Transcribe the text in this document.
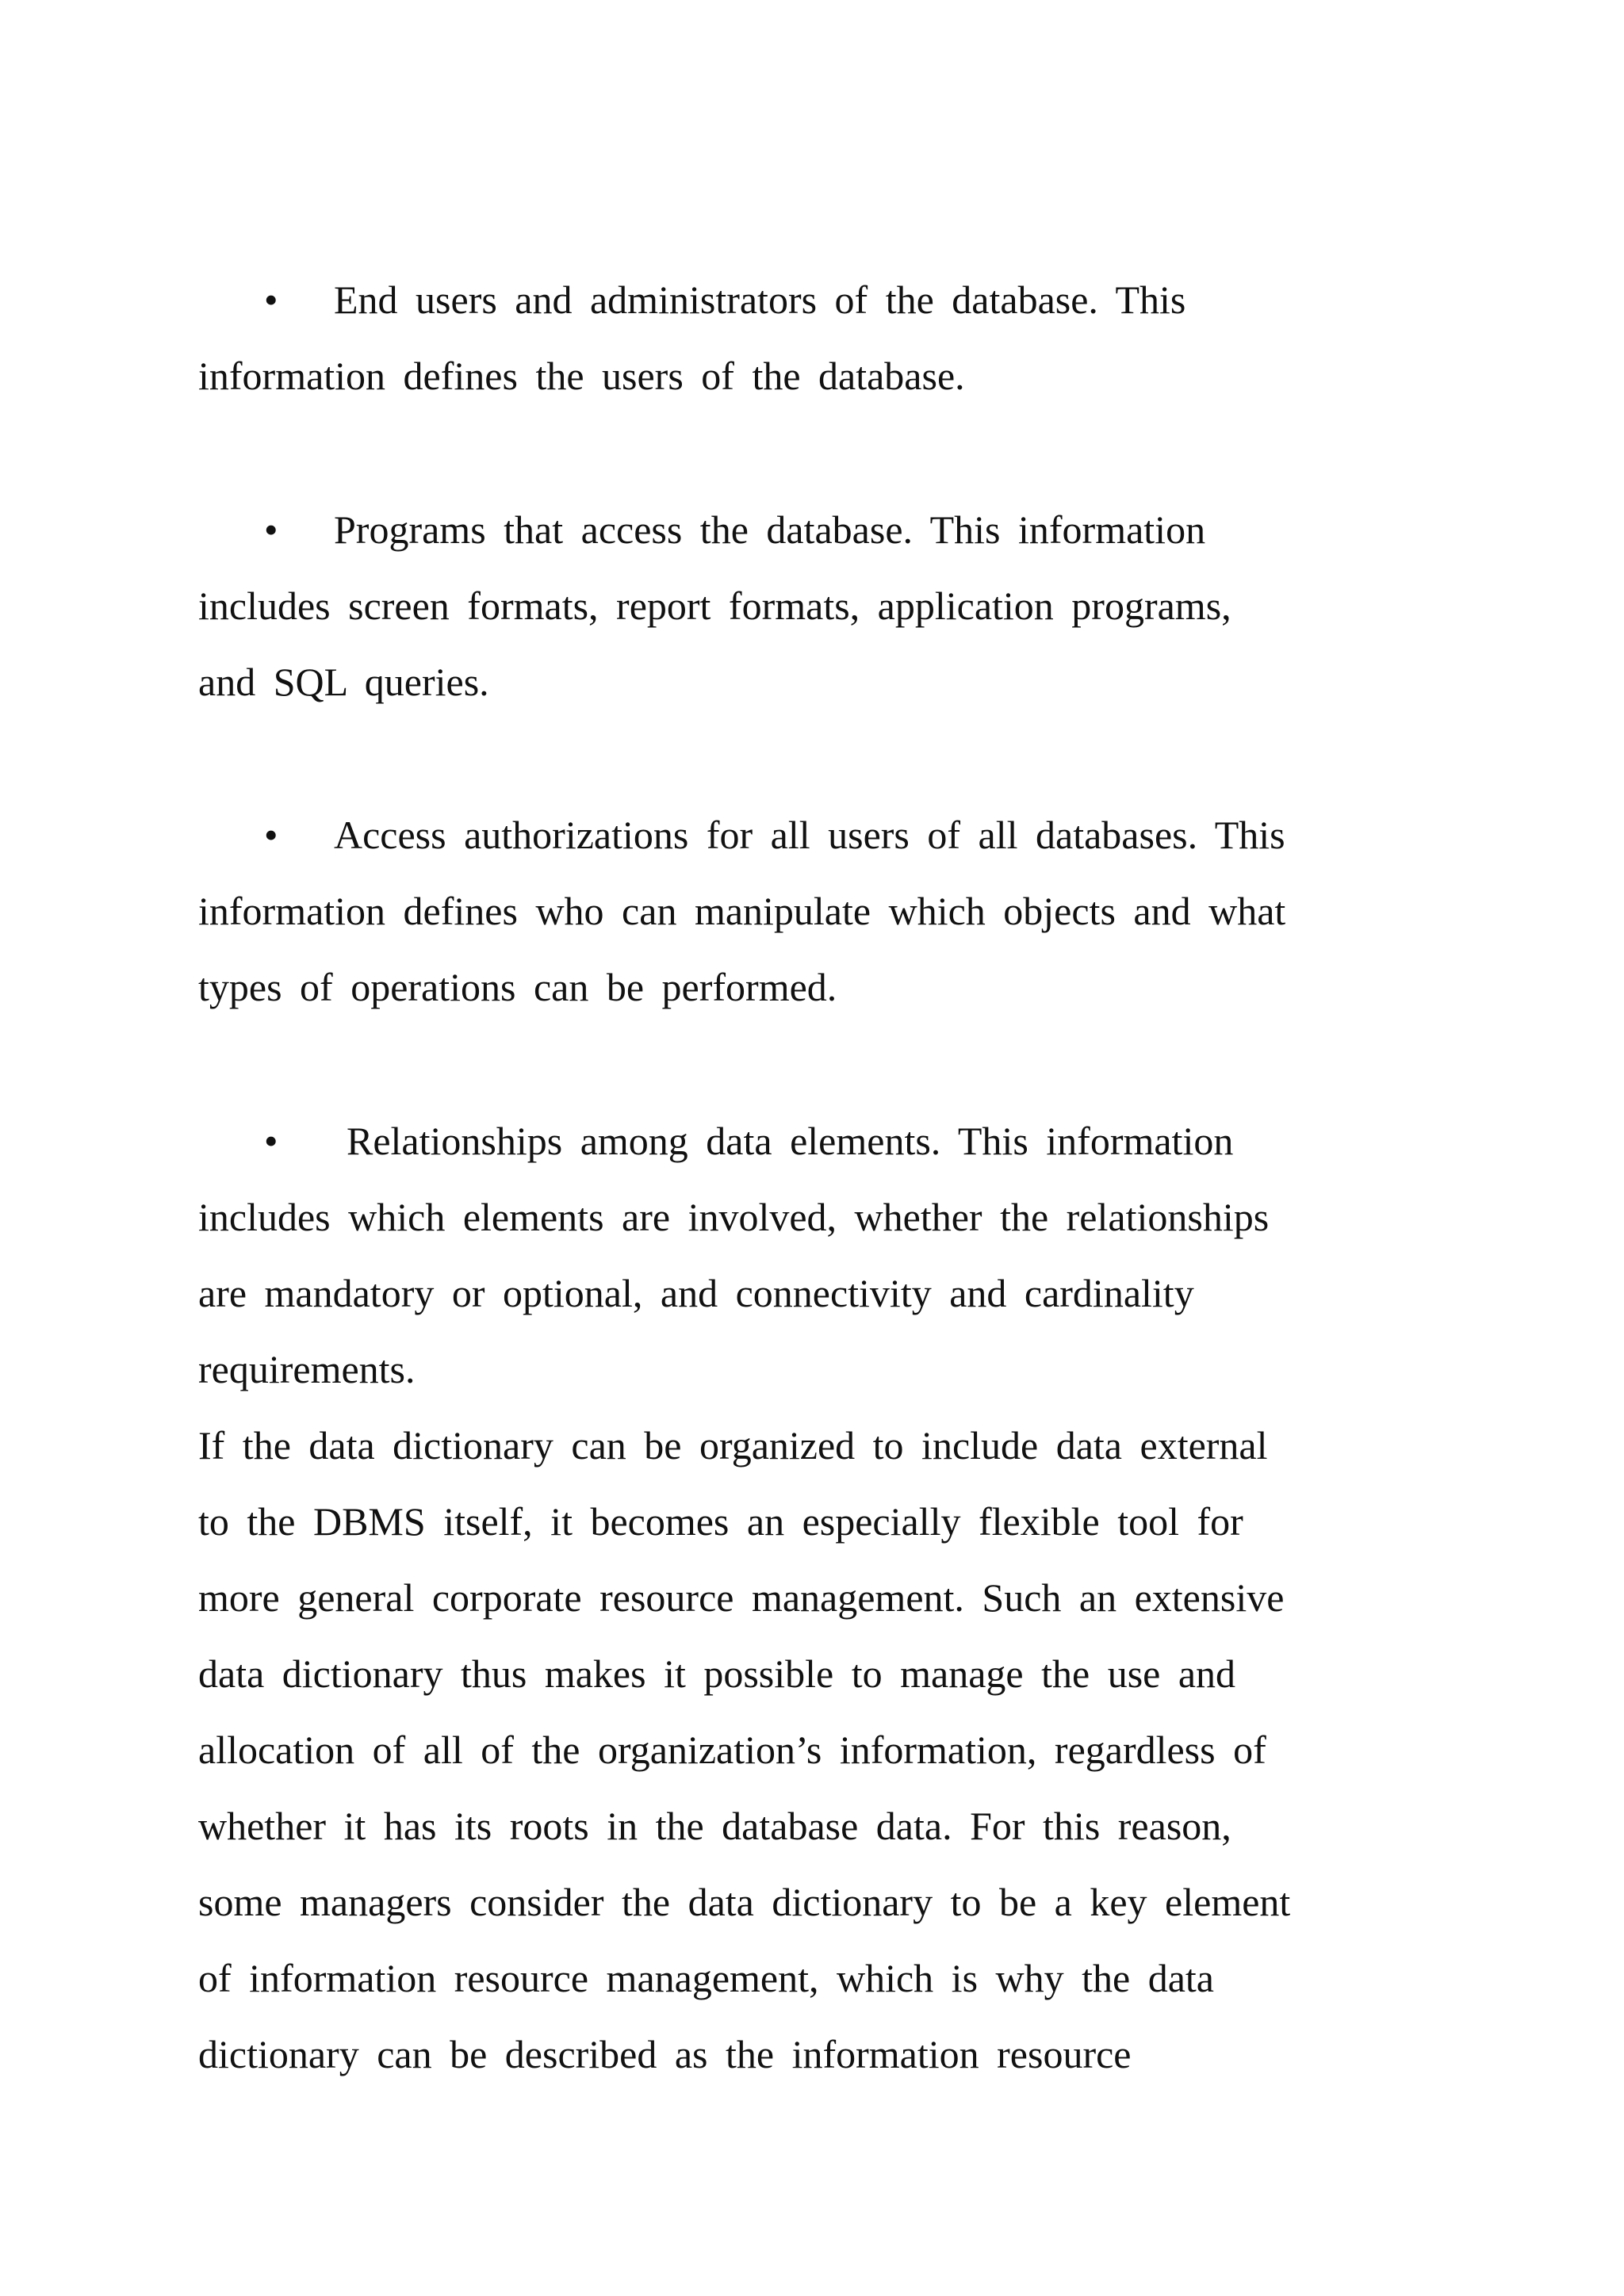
• End users and administrators of the database. This
information defines the users of the database.
• Programs that access the database. This information
includes screen formats, report formats, application programs,
and SQL queries.
• Access authorizations for all users of all databases. This
information defines who can manipulate which objects and what
types of operations can be performed.
• Relationships among data elements. This information
includes which elements are involved, whether the relationships
are mandatory or optional, and connectivity and cardinality
requirements.
If the data dictionary can be organized to include data external
to the DBMS itself, it becomes an especially flexible tool for
more general corporate resource management. Such an extensive
data dictionary thus makes it possible to manage the use and
allocation of all of the organization’s information, regardless of
whether it has its roots in the database data. For this reason,
some managers consider the data dictionary to be a key element
of information resource management, which is why the data
dictionary can be described as the information resource
